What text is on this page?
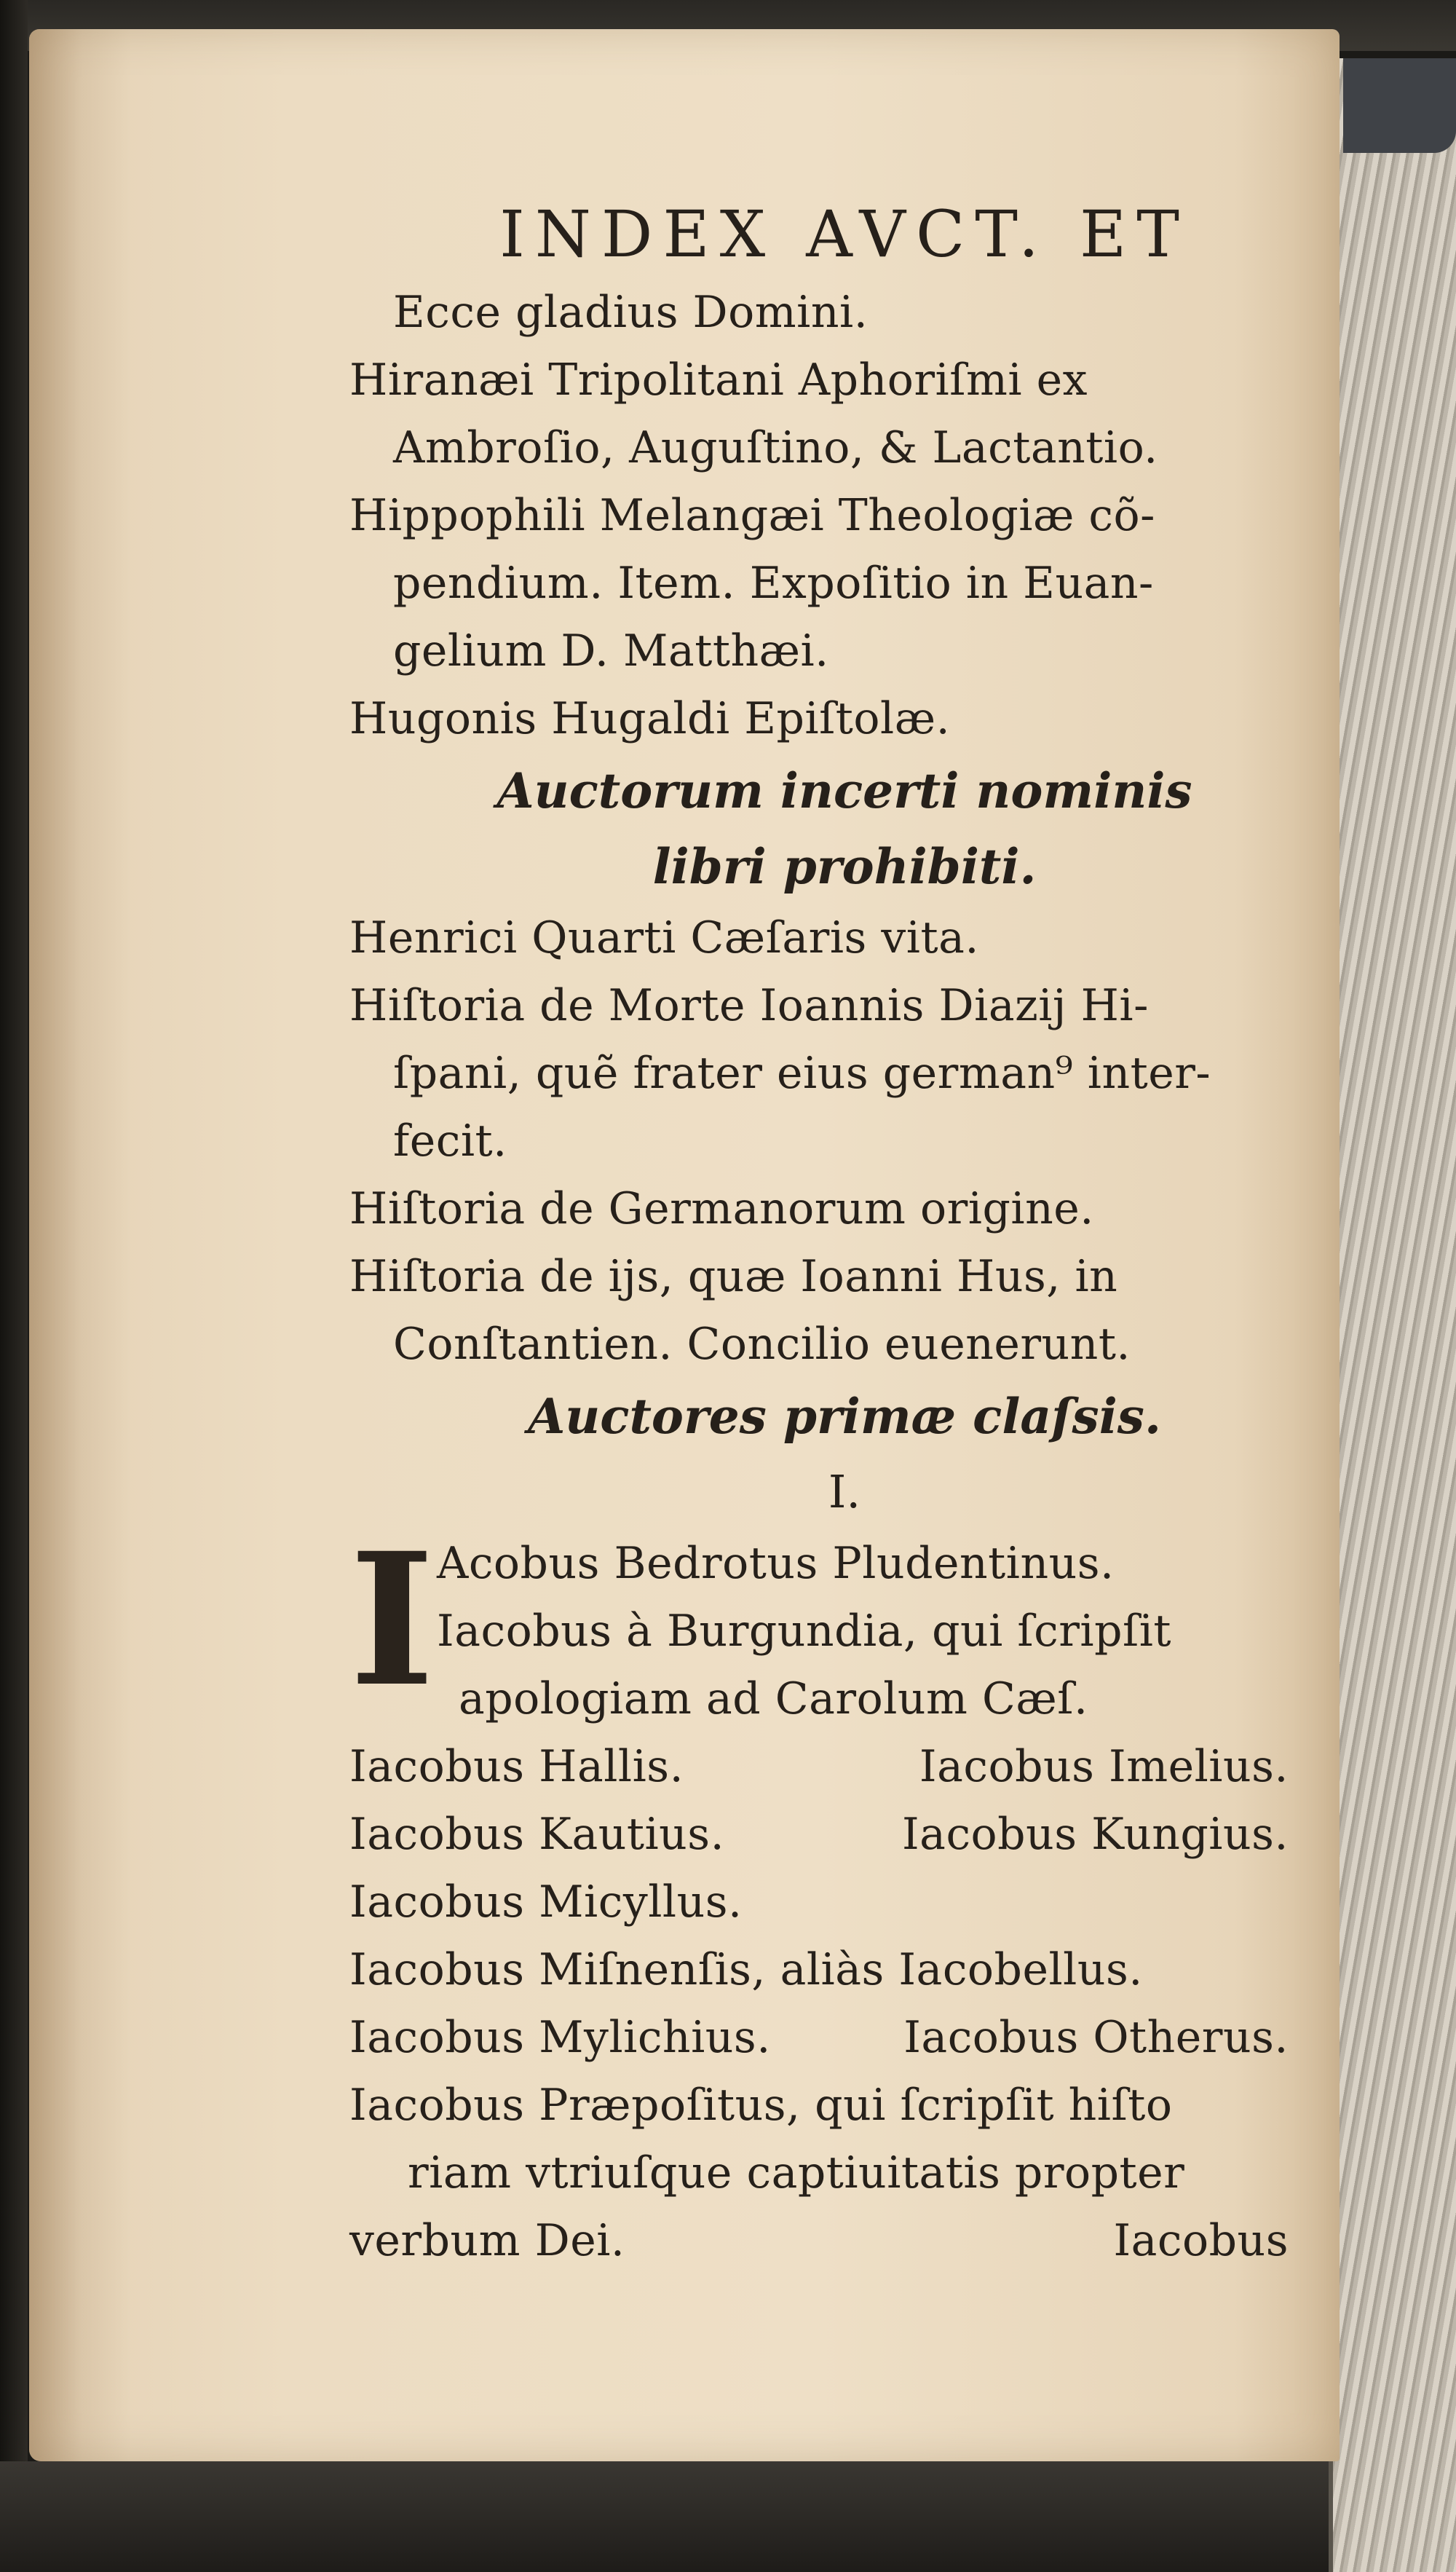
INDEX AVCT. ET
Ecce gladius Domini.
Hiranæi Tripolitani Aphoriſmi ex
Ambroſio, Auguſtino, & Lactantio.
Hippophili Melangæi Theologiæ cõ-
pendium. Item. Expoſitio in Euan-
gelium D. Matthæi.
Hugonis Hugaldi Epiſtolæ.
Auctorum incerti nominis
libri prohibiti.
Henrici Quarti Cæſaris vita.
Hiſtoria de Morte Ioannis Diazij Hi-
ſpani, quẽ frater eius german⁹ inter-
fecit.
Hiſtoria de Germanorum origine.
Hiſtoria de ijs, quæ Ioanni Hus, in
Conſtantien. Concilio euenerunt.
Auctores primæ claſsis.
I.
I Acobus Bedrotus Pludentinus.
Iacobus à Burgundia, qui ſcripſit
apologiam ad Carolum Cæſ.
Iacobus Hallis.	Iacobus Imelius.
Iacobus Kautius.	Iacobus Kungius.
Iacobus Micyllus.
Iacobus Miſnenſis, aliàs Iacobellus.
Iacobus Mylichius.	Iacobus Otherus.
Iacobus Præpoſitus, qui ſcripſit hiſto
riam vtriuſque captiuitatis propter
verbum Dei.	Iacobus
